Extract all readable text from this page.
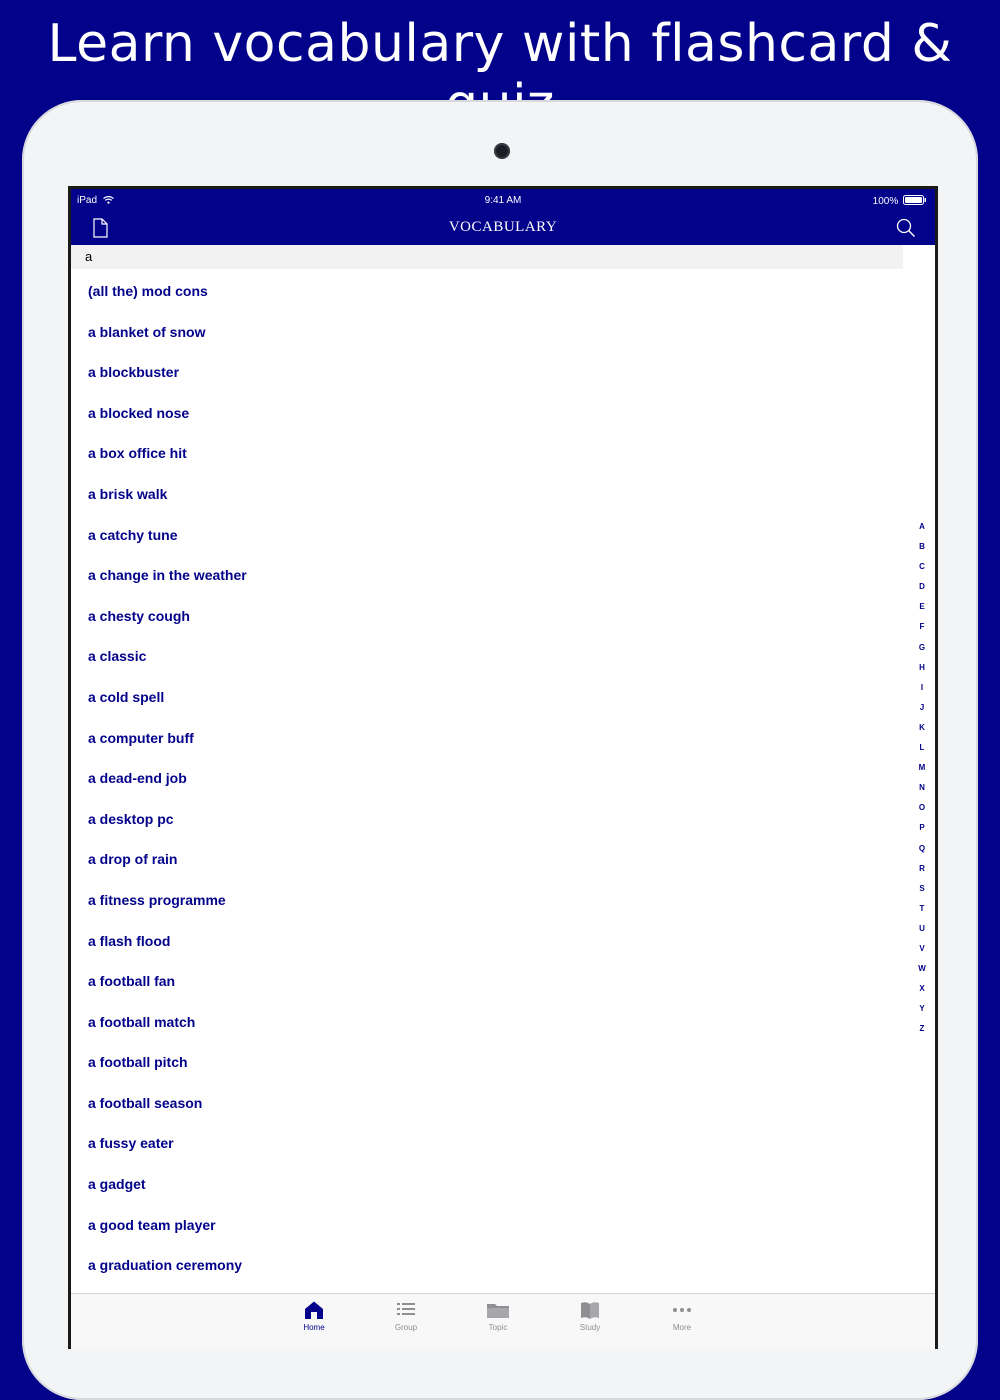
Learn vocabulary with flashcard &
iPad	9:41 AM	100%
VOCABULARY
a
(all the) mod cons
a blanket of snow
a blockbuster
a blocked nose
a box office hit
a brisk walk
a catchy tune
a change in the weather
a chesty cough
a classic
a cold spell
a computer buff
a dead-end job
a desktop pc
a drop of rain
a fitness programme
a flash flood
a football fan
a football match
a football pitch
a football season
a fussy eater
a gadget
a good team player
a graduation ceremony
A
B
C
D
E
F
G
H
I
J
K
L
M
N
O
P
Q
R
S
T
U
V
W
X
Y
Z
Home	Group	Topic	Study	More
